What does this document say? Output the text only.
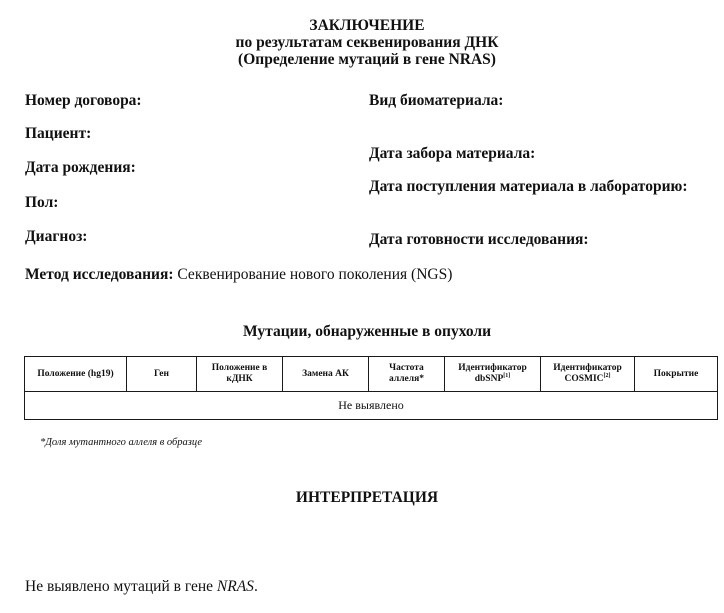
ЗАКЛЮЧЕНИЕ
по результатам секвенирования ДНК
(Определение мутаций в гене NRAS)
Номер договора:
Пациент:
Дата рождения:
Пол:
Диагноз:
Вид биоматериала:
Дата забора материала:
Дата поступления материала в лабораторию:
Дата готовности исследования:
Метод исследования: Секвенирование нового поколения (NGS)
Мутации, обнаруженные в опухоли
Положение (hg19)	Ген	Положение в кДНК	Замена АК	Частота аллеля*	Идентификатор dbSNP[1]	Идентификатор COSMIC[2]	Покрытие
Не выявлено
*Доля мутантного аллеля в образце
ИНТЕРПРЕТАЦИЯ
Не выявлено мутаций в гене NRAS.
